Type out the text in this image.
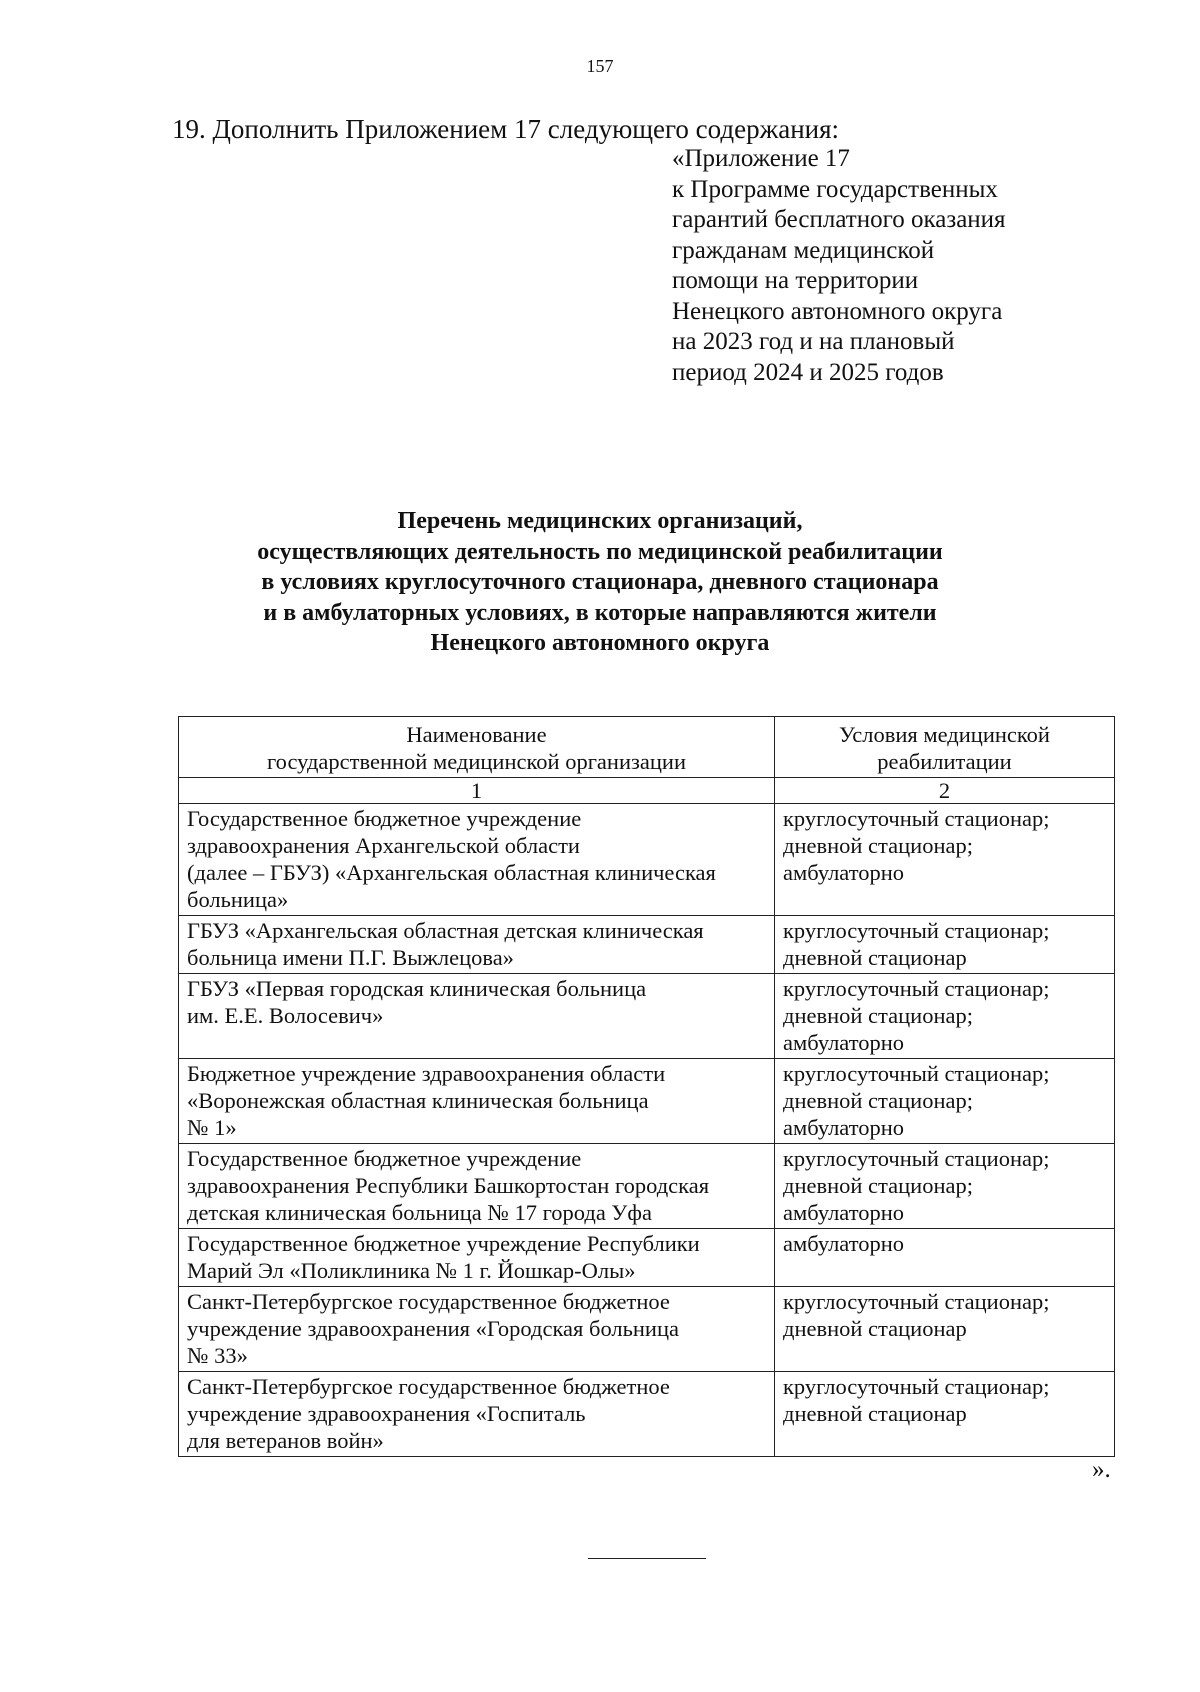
157
19. Дополнить Приложением 17 следующего содержания:
«Приложение 17
к Программе государственных
гарантий бесплатного оказания
гражданам медицинской
помощи на территории
Ненецкого автономного округа
на 2023 год и на плановый
период 2024 и 2025 годов
Перечень медицинских организаций,
осуществляющих деятельность по медицинской реабилитации
в условиях круглосуточного стационара, дневного стационара
и в амбулаторных условиях, в которые направляются жители
Ненецкого автономного округа
Наименование
государственной медицинской организации	Условия медицинской
реабилитации

1	2

Государственное бюджетное учреждение
здравоохранения Архангельской области
(далее – ГБУЗ) «Архангельская областная клиническая
больница»	круглосуточный стационар;
дневной стационар;
амбулаторно

ГБУЗ «Архангельская областная детская клиническая
больница имени П.Г. Выжлецова»	круглосуточный стационар;
дневной стационар

ГБУЗ «Первая городская клиническая больница
им. Е.Е. Волосевич»	круглосуточный стационар;
дневной стационар;
амбулаторно

Бюджетное учреждение здравоохранения области
«Воронежская областная клиническая больница
№ 1»	круглосуточный стационар;
дневной стационар;
амбулаторно

Государственное бюджетное учреждение
здравоохранения Республики Башкортостан городская
детская клиническая больница № 17 города Уфа	круглосуточный стационар;
дневной стационар;
амбулаторно

Государственное бюджетное учреждение Республики
Марий Эл «Поликлиника № 1 г. Йошкар-Олы»	амбулаторно

Санкт-Петербургское государственное бюджетное
учреждение здравоохранения «Городская больница
№ 33»	круглосуточный стационар;
дневной стационар

Санкт-Петербургское государственное бюджетное
учреждение здравоохранения «Госпиталь
для ветеранов войн»	круглосуточный стационар;
дневной стационар
».
